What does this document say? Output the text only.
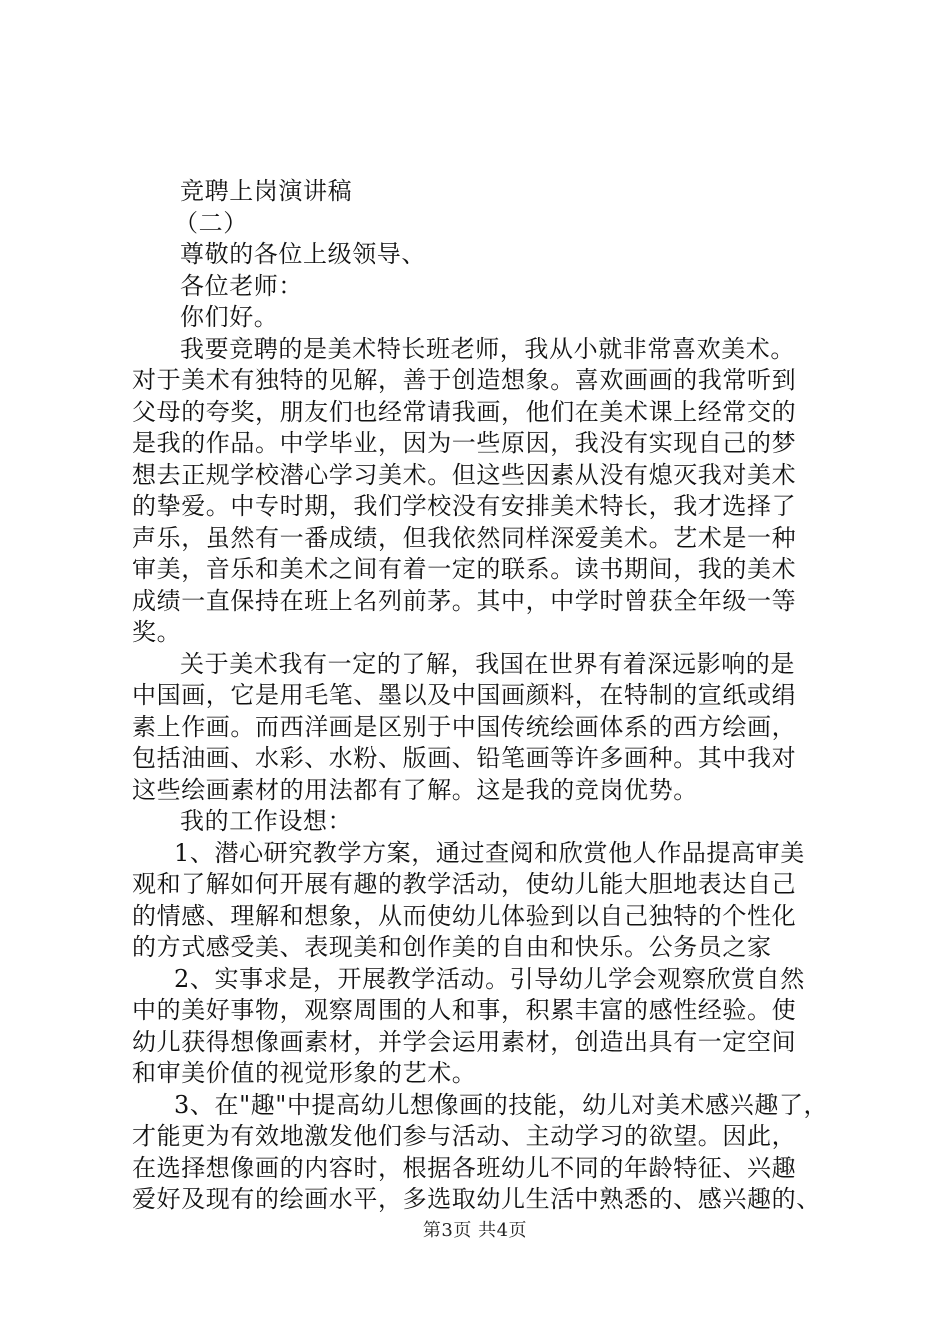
竞聘上岗演讲稿
（二）
尊敬的各位上级领导、
各位老师：
你们好。
我要竞聘的是美术特长班老师，我从小就非常喜欢美术。
对于美术有独特的见解，善于创造想象。喜欢画画的我常听到
父母的夸奖，朋友们也经常请我画，他们在美术课上经常交的
是我的作品。中学毕业，因为一些原因，我没有实现自己的梦
想去正规学校潜心学习美术。但这些因素从没有熄灭我对美术
的挚爱。中专时期，我们学校没有安排美术特长，我才选择了
声乐，虽然有一番成绩，但我依然同样深爱美术。艺术是一种
审美，音乐和美术之间有着一定的联系。读书期间，我的美术
成绩一直保持在班上名列前茅。其中，中学时曾获全年级一等
奖。
关于美术我有一定的了解，我国在世界有着深远影响的是
中国画，它是用毛笔、墨以及中国画颜料，在特制的宣纸或绢
素上作画。而西洋画是区别于中国传统绘画体系的西方绘画，
包括油画、水彩、水粉、版画、铅笔画等许多画种。其中我对
这些绘画素材的用法都有了解。这是我的竞岗优势。
我的工作设想：
1、潜心研究教学方案，通过查阅和欣赏他人作品提高审美
观和了解如何开展有趣的教学活动，使幼儿能大胆地表达自己
的情感、理解和想象，从而使幼儿体验到以自己独特的个性化
的方式感受美、表现美和创作美的自由和快乐。公务员之家
2、实事求是，开展教学活动。引导幼儿学会观察欣赏自然
中的美好事物，观察周围的人和事，积累丰富的感性经验。使
幼儿获得想像画素材，并学会运用素材，创造出具有一定空间
和审美价值的视觉形象的艺术。
3、在"趣"中提高幼儿想像画的技能，幼儿对美术感兴趣了，
才能更为有效地激发他们参与活动、主动学习的欲望。因此，
在选择想像画的内容时，根据各班幼儿不同的年龄特征、兴趣
爱好及现有的绘画水平，多选取幼儿生活中熟悉的、感兴趣的、
第3页 共4页
